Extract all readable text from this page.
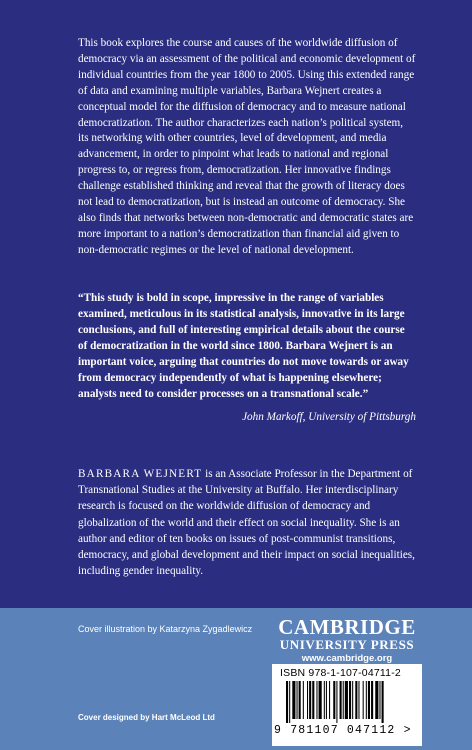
This book explores the course and causes of the worldwide diffusion of democracy via an assessment of the political and economic development of individual countries from the year 1800 to 2005. Using this extended range of data and examining multiple variables, Barbara Wejnert creates a conceptual model for the diffusion of democracy and to measure national democratization. The author characterizes each nation’s political system, its networking with other countries, level of development, and media advancement, in order to pinpoint what leads to national and regional progress to, or regress from, democratization. Her innovative findings challenge established thinking and reveal that the growth of literacy does not lead to democratization, but is instead an outcome of democracy. She also finds that networks between non-democratic and democratic states are more important to a nation’s democratization than financial aid given to non-democratic regimes or the level of national development.

“This study is bold in scope, impressive in the range of variables examined, meticulous in its statistical analysis, innovative in its large conclusions, and full of interesting empirical details about the course of democratization in the world since 1800. Barbara Wejnert is an important voice, arguing that countries do not move towards or away from democracy independently of what is happening elsewhere; analysts need to consider processes on a transnational scale.”

John Markoff, University of Pittsburgh

BARBARA WEJNERT is an Associate Professor in the Department of Transnational Studies at the University at Buffalo. Her interdisciplinary research is focused on the worldwide diffusion of democracy and globalization of the world and their effect on social inequality. She is an author and editor of ten books on issues of post-communist transitions, democracy, and global development and their impact on social inequalities, including gender inequality.

Cover illustration by Katarzyna Zygadlewicz
Cover designed by Hart McLeod Ltd
CAMBRIDGE
UNIVERSITY PRESS
www.cambridge.org
ISBN 978-1-107-04711-2
9 781107 047112 >
